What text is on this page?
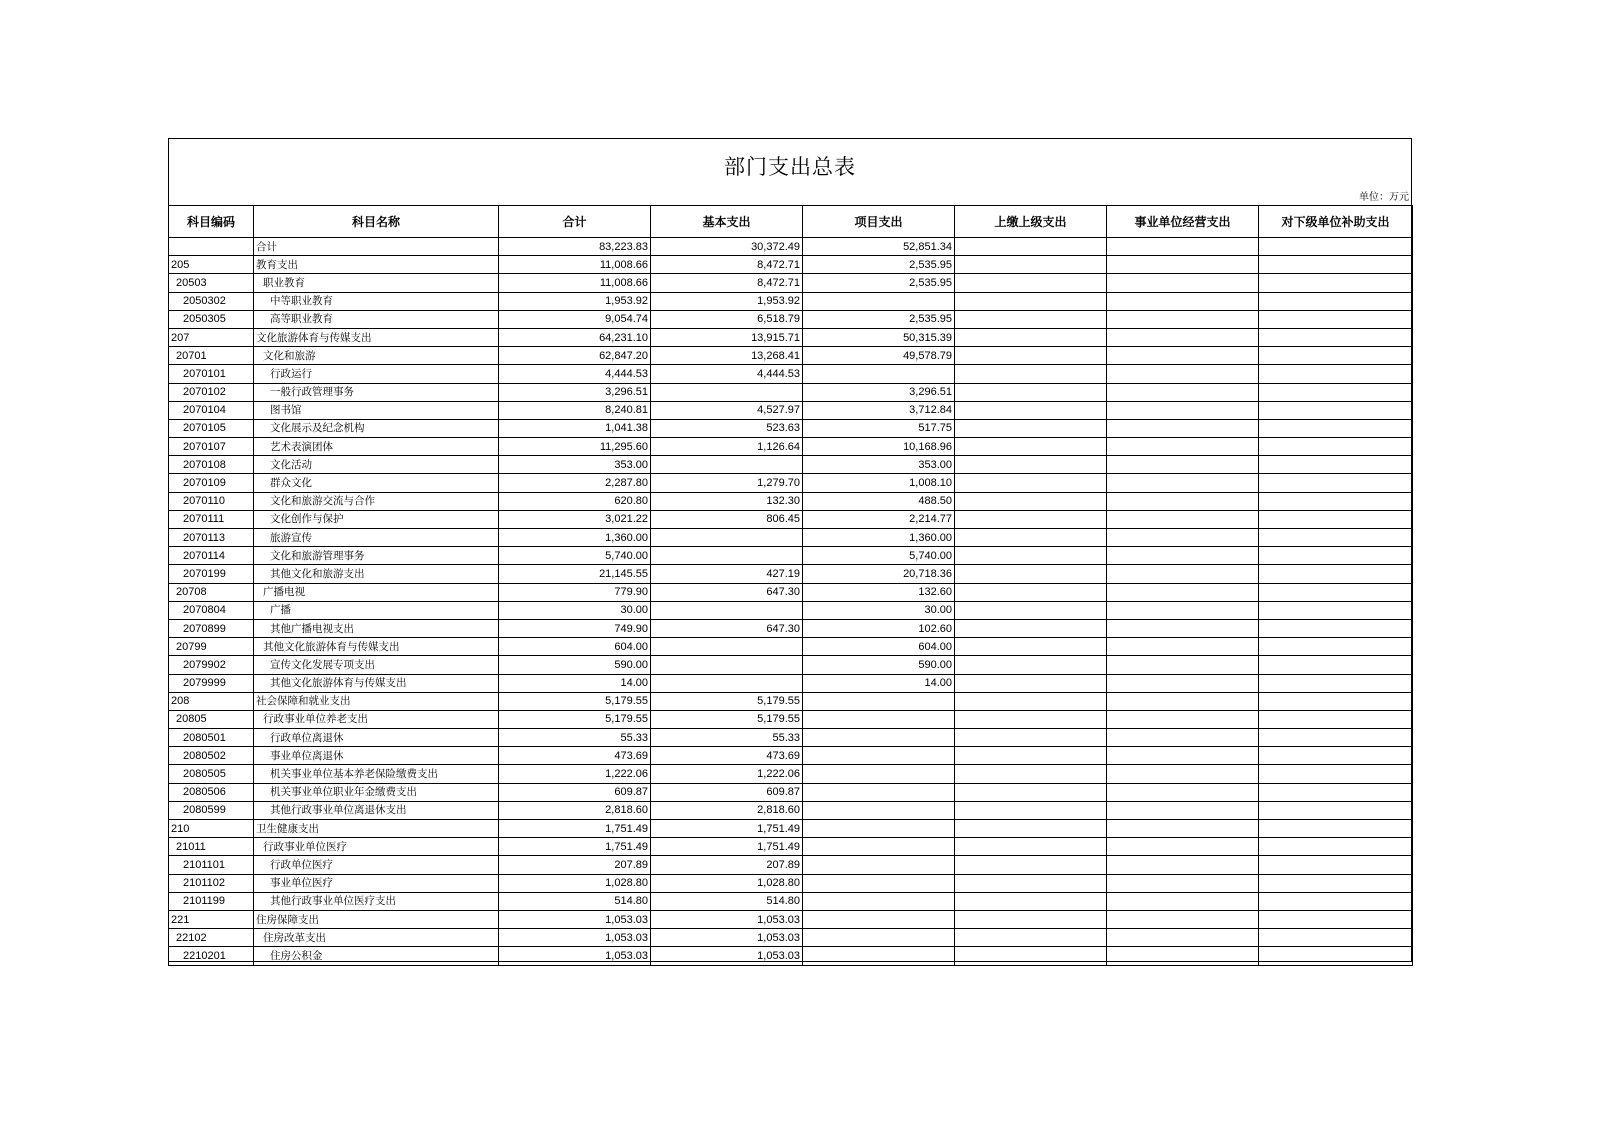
部门支出总表
单位：万元
科目编码	科目名称	合计	基本支出	项目支出	上缴上级支出	事业单位经营支出	对下级单位补助支出
	合计	83,223.83	30,372.49	52,851.34			
205	教育支出	11,008.66	8,472.71	2,535.95			
20503	职业教育	11,008.66	8,472.71	2,535.95			
2050302	中等职业教育	1,953.92	1,953.92				
2050305	高等职业教育	9,054.74	6,518.79	2,535.95			
207	文化旅游体育与传媒支出	64,231.10	13,915.71	50,315.39			
20701	文化和旅游	62,847.20	13,268.41	49,578.79			
2070101	行政运行	4,444.53	4,444.53				
2070102	一般行政管理事务	3,296.51		3,296.51			
2070104	图书馆	8,240.81	4,527.97	3,712.84			
2070105	文化展示及纪念机构	1,041.38	523.63	517.75			
2070107	艺术表演团体	11,295.60	1,126.64	10,168.96			
2070108	文化活动	353.00		353.00			
2070109	群众文化	2,287.80	1,279.70	1,008.10			
2070110	文化和旅游交流与合作	620.80	132.30	488.50			
2070111	文化创作与保护	3,021.22	806.45	2,214.77			
2070113	旅游宣传	1,360.00		1,360.00			
2070114	文化和旅游管理事务	5,740.00		5,740.00			
2070199	其他文化和旅游支出	21,145.55	427.19	20,718.36			
20708	广播电视	779.90	647.30	132.60			
2070804	广播	30.00		30.00			
2070899	其他广播电视支出	749.90	647.30	102.60			
20799	其他文化旅游体育与传媒支出	604.00		604.00			
2079902	宣传文化发展专项支出	590.00		590.00			
2079999	其他文化旅游体育与传媒支出	14.00		14.00			
208	社会保障和就业支出	5,179.55	5,179.55				
20805	行政事业单位养老支出	5,179.55	5,179.55				
2080501	行政单位离退休	55.33	55.33				
2080502	事业单位离退休	473.69	473.69				
2080505	机关事业单位基本养老保险缴费支出	1,222.06	1,222.06				
2080506	机关事业单位职业年金缴费支出	609.87	609.87				
2080599	其他行政事业单位离退休支出	2,818.60	2,818.60				
210	卫生健康支出	1,751.49	1,751.49				
21011	行政事业单位医疗	1,751.49	1,751.49				
2101101	行政单位医疗	207.89	207.89				
2101102	事业单位医疗	1,028.80	1,028.80				
2101199	其他行政事业单位医疗支出	514.80	514.80				
221	住房保障支出	1,053.03	1,053.03				
22102	住房改革支出	1,053.03	1,053.03				
2210201	住房公积金	1,053.03	1,053.03				
